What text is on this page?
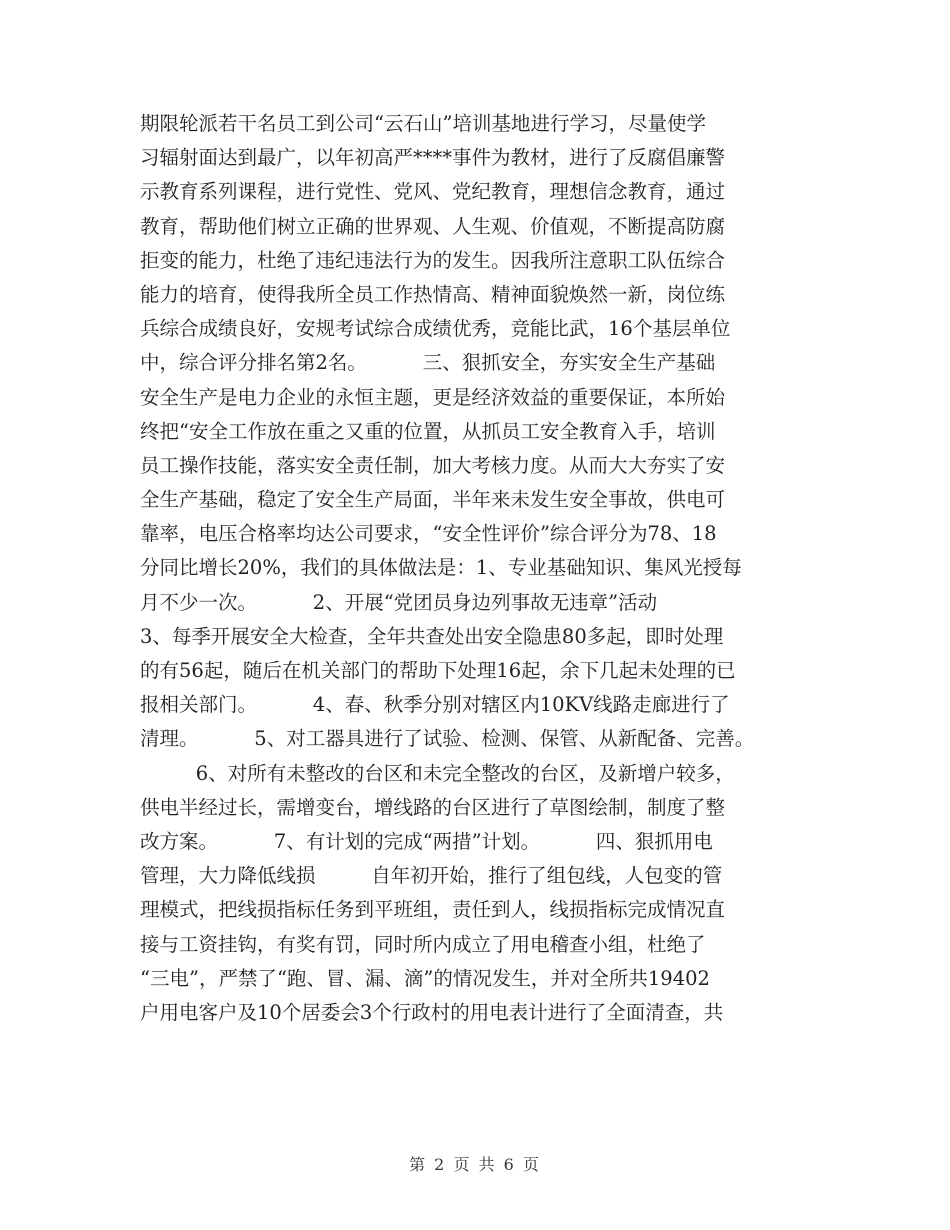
期限轮派若干名员工到公司“云石山”培训基地进行学习，尽量使学
习辐射面达到最广，以年初高严****事件为教材，进行了反腐倡廉警
示教育系列课程，进行党性、党风、党纪教育，理想信念教育，通过
教育，帮助他们树立正确的世界观、人生观、价值观，不断提高防腐
拒变的能力，杜绝了违纪违法行为的发生。因我所注意职工队伍综合
能力的培育，使得我所全员工作热情高、精神面貌焕然一新，岗位练
兵综合成绩良好，安规考试综合成绩优秀，竞能比武，16个基层单位
中，综合评分排名第2名。         三、狠抓安全，夯实安全生产基础
安全生产是电力企业的永恒主题，更是经济效益的重要保证，本所始
终把“安全工作放在重之又重的位置，从抓员工安全教育入手，培训
员工操作技能，落实安全责任制，加大考核力度。从而大大夯实了安
全生产基础，稳定了安全生产局面，半年来未发生安全事故，供电可
靠率，电压合格率均达公司要求，“安全性评价”综合评分为78、18
分同比增长20%，我们的具体做法是：1、专业基础知识、集风光授每
月不少一次。         2、开展“党团员身边列事故无违章”活动
3、每季开展安全大检查，全年共查处出安全隐患80多起，即时处理
的有56起，随后在机关部门的帮助下处理16起，余下几起未处理的已
报相关部门。         4、春、秋季分别对辖区内10KV线路走廊进行了
清理。         5、对工器具进行了试验、检测、保管、从新配备、完善。
6、对所有未整改的台区和未完全整改的台区，及新增户较多，
供电半经过长，需增变台，增线路的台区进行了草图绘制，制度了整
改方案。         7、有计划的完成“两措”计划。         四、狠抓用电
管理，大力降低线损         自年初开始，推行了组包线，人包变的管
理模式，把线损指标任务到平班组，责任到人，线损指标完成情况直
接与工资挂钩，有奖有罚，同时所内成立了用电稽查小组，杜绝了
“三电”，严禁了“跑、冒、漏、滴”的情况发生，并对全所共19402
户用电客户及10个居委会3个行政村的用电表计进行了全面清查，共
第 2 页 共 6 页
